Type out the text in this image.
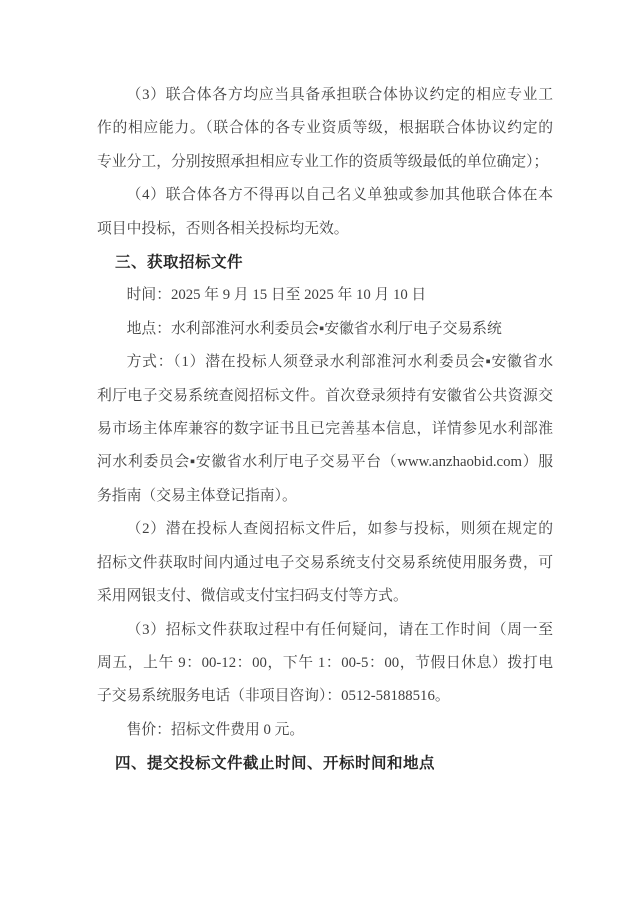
（3）联合体各方均应当具备承担联合体协议约定的相应专业工
作的相应能力。（联合体的各专业资质等级，根据联合体协议约定的
专业分工，分别按照承担相应专业工作的资质等级最低的单位确定）；
（4）联合体各方不得再以自己名义单独或参加其他联合体在本
项目中投标，否则各相关投标均无效。
三、获取招标文件
时间：2025 年 9 月 15 日至 2025 年 10 月 10 日
地点：水利部淮河水利委员会▪安徽省水利厅电子交易系统
方式：（1）潜在投标人须登录水利部淮河水利委员会▪安徽省水
利厅电子交易系统查阅招标文件。首次登录须持有安徽省公共资源交
易市场主体库兼容的数字证书且已完善基本信息，详情参见水利部淮
河水利委员会▪安徽省水利厅电子交易平台（www.anzhaobid.com）服
务指南（交易主体登记指南）。
（2）潜在投标人查阅招标文件后，如参与投标，则须在规定的
招标文件获取时间内通过电子交易系统支付交易系统使用服务费，可
采用网银支付、微信或支付宝扫码支付等方式。
（3）招标文件获取过程中有任何疑问，请在工作时间（周一至
周五，上午 9：00-12：00，下午 1：00-5：00，节假日休息）拨打电
子交易系统服务电话（非项目咨询）：0512-58188516。
售价：招标文件费用 0 元。
四、提交投标文件截止时间、开标时间和地点
